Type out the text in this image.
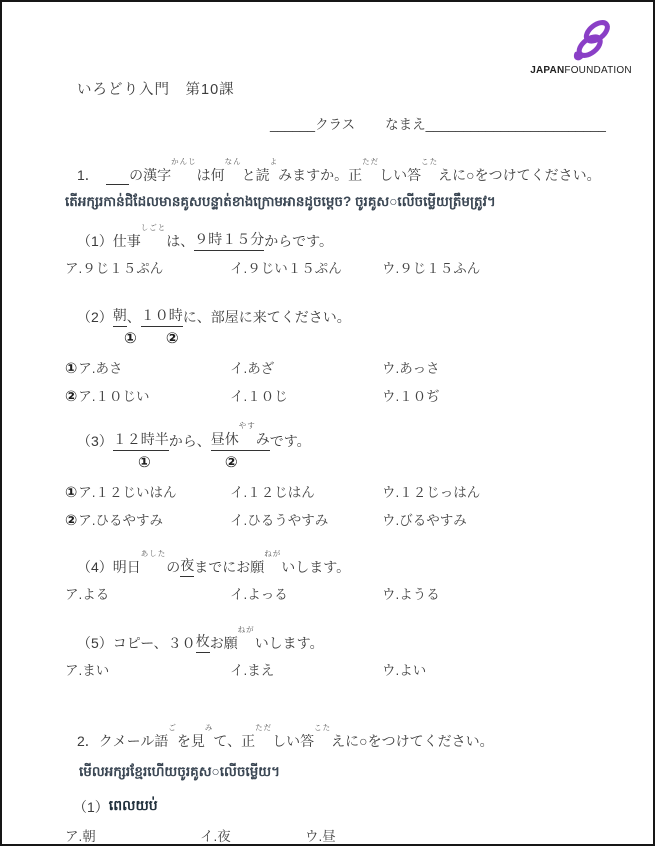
JAPANFOUNDATION
いろどり入門　第10課
______クラス なまえ________________________
1．　
の 漢字かんじ
は 何なん
と 読よ
みますか。 正ただ
しい 答こた
えに○をつけてください。
តើអក្សរកាន់ជិដែលមានគូសបន្ទាត់ខាងក្រោមអានដូចម្ដេច? ចូរគូស○លើចម្លើយត្រឹមត្រូវ។
（1） 仕事しごと
は、 ９時１５分 からです。
ア.９じ１５ぷん	イ.９じい１５ぷん	ウ.９じ１５ふん
（2） 朝 、 １０時 に、部屋に来てください。
① ②
①ア.あさ	イ.あざ	ウ.あっさ
②ア.１０じい	イ.１０じ	ウ.１０ぢ
（3） １２時半 から、 昼 休やす
み です。
①	②
①ア.１２じいはん	イ.１２じはん	ウ.１２じっはん
②ア.ひるやすみ	イ.ひるうやすみ	ウ.びるやすみ
（4） 明日あした
の 夜 までにお 願ねが
いします。
ア.よる	イ.よっる	ウ.ようる
（5） コピー、３０ 枚 お 願ねが
いします。
ア.まい	イ.まえ	ウ.よい
2．クメール 語ご
を 見み
て、 正ただ
しい 答こた
えに○をつけてください。
មើលអក្សរខ្មែរហើយចូរគូស○លើចម្លើយ។
（1） ពេលយប់
ア.朝	イ.夜	ウ.昼
